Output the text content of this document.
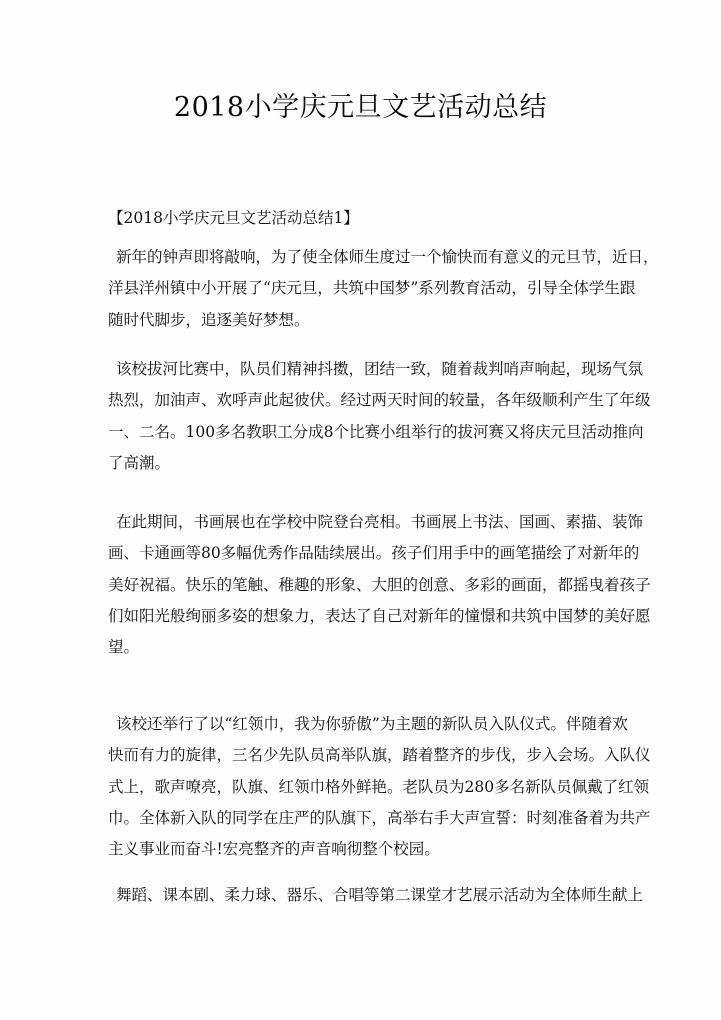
2018小学庆元旦文艺活动总结
【2018小学庆元旦文艺活动总结1】
新年的钟声即将敲响，为了使全体师生度过一个愉快而有意义的元旦节，近日，
洋县洋州镇中小开展了“庆元旦，共筑中国梦”系列教育活动，引导全体学生跟
随时代脚步，追逐美好梦想。
该校拔河比赛中，队员们精神抖擞，团结一致，随着裁判哨声响起，现场气氛
热烈，加油声、欢呼声此起彼伏。经过两天时间的较量，各年级顺利产生了年级
一、二名。100多名教职工分成8个比赛小组举行的拔河赛又将庆元旦活动推向
了高潮。
在此期间，书画展也在学校中院登台亮相。书画展上书法、国画、素描、装饰
画、卡通画等80多幅优秀作品陆续展出。孩子们用手中的画笔描绘了对新年的
美好祝福。快乐的笔触、稚趣的形象、大胆的创意、多彩的画面，都摇曳着孩子
们如阳光般绚丽多姿的想象力，表达了自己对新年的憧憬和共筑中国梦的美好愿
望。
该校还举行了以“红领巾，我为你骄傲”为主题的新队员入队仪式。伴随着欢
快而有力的旋律，三名少先队员高举队旗，踏着整齐的步伐，步入会场。入队仪
式上，歌声嘹亮，队旗、红领巾格外鲜艳。老队员为280多名新队员佩戴了红领
巾。全体新入队的同学在庄严的队旗下，高举右手大声宣誓：时刻准备着为共产
主义事业而奋斗!宏亮整齐的声音响彻整个校园。
舞蹈、课本剧、柔力球、器乐、合唱等第二课堂才艺展示活动为全体师生献上
